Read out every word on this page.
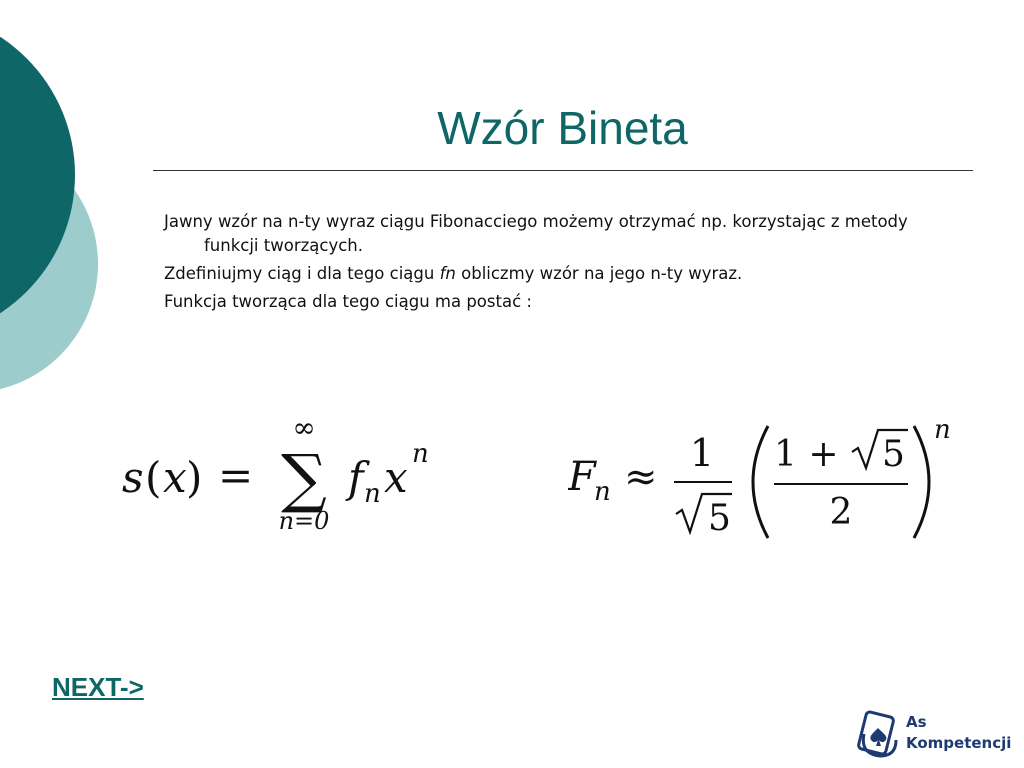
Wzór Bineta

Jawny wzór na n-ty wyraz ciągu Fibonacciego możemy otrzymać np. korzystając z metody funkcji tworzących.

Zdefiniujmy ciąg i dla tego ciągu fn obliczmy wzór na jego n-ty wyraz.

Funkcja tworząca dla tego ciągu ma postać :

s ( x ) =
∞
∑
n=0
f n x n	F
n ≈
1
5
1 + 5
2
n
NEXT->
As
Kompetencji
